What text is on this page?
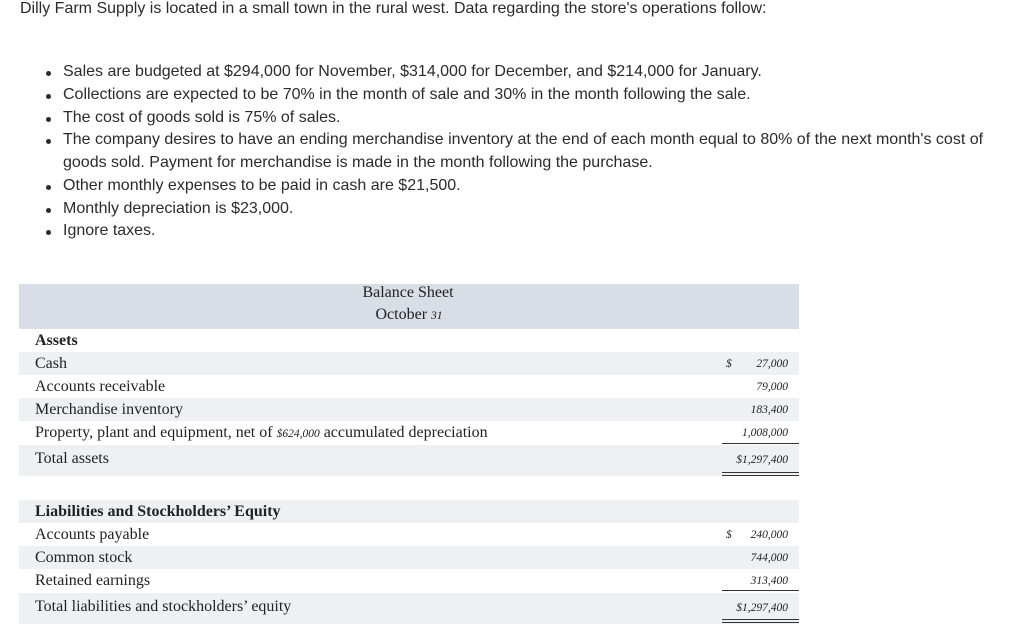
Dilly Farm Supply is located in a small town in the rural west. Data regarding the store's operations follow:
Sales are budgeted at $294,000 for November, $314,000 for December, and $214,000 for January.
Collections are expected to be 70% in the month of sale and 30% in the month following the sale.
The cost of goods sold is 75% of sales.
The company desires to have an ending merchandise inventory at the end of each month equal to 80% of the next month's cost of goods sold. Payment for merchandise is made in the month following the purchase.
Other monthly expenses to be paid in cash are $21,500.
Monthly depreciation is $23,000.
Ignore taxes.
Balance Sheet
October 31
Assets
Cash	$ 27,000
Accounts receivable	79,000
Merchandise inventory	183,400
Property, plant and equipment, net of $624,000 accumulated depreciation	1,008,000
Total assets	$1,297,400
Liabilities and Stockholders’ Equity
Accounts payable	$ 240,000
Common stock	744,000
Retained earnings	313,400
Total liabilities and stockholders’ equity	$1,297,400
